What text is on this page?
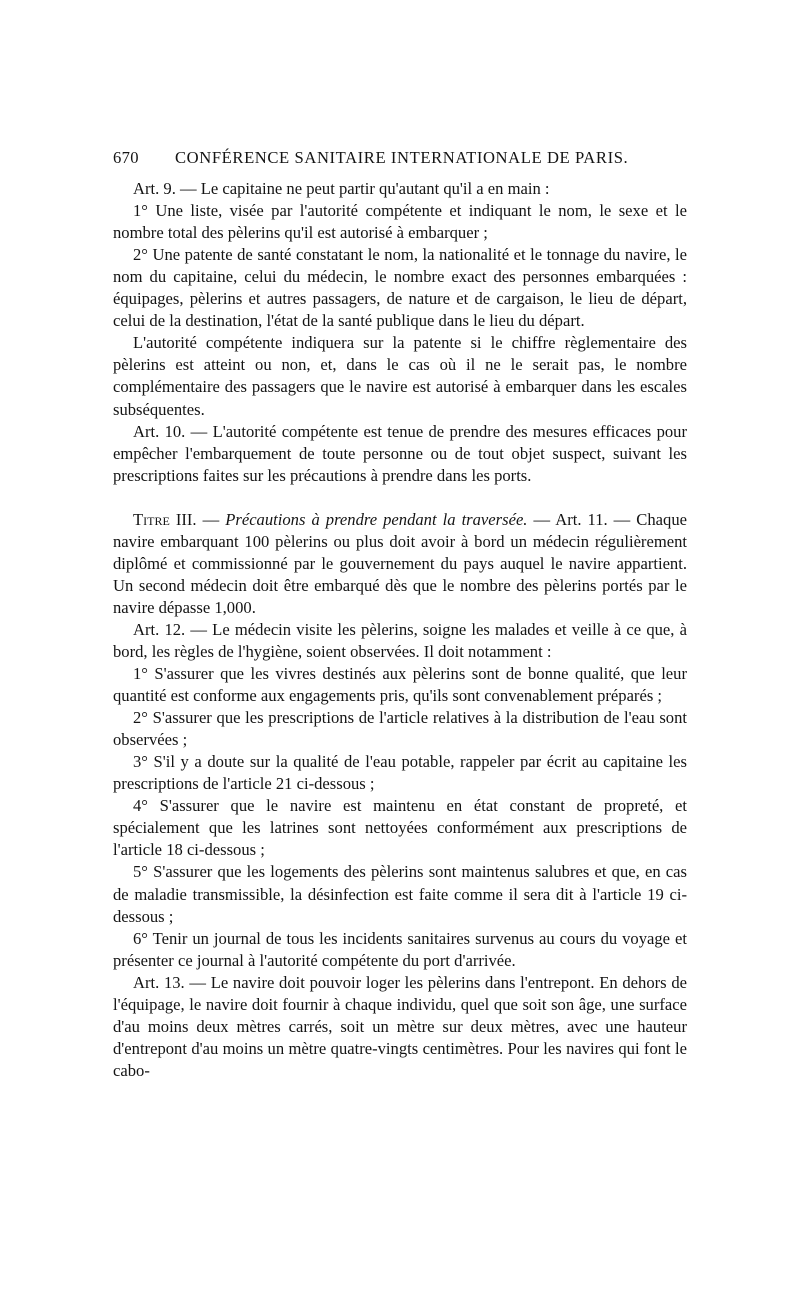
670	CONFÉRENCE SANITAIRE INTERNATIONALE DE PARIS.

Art. 9. — Le capitaine ne peut partir qu'autant qu'il a en main :

1° Une liste, visée par l'autorité compétente et indiquant le nom, le sexe et le nombre total des pèlerins qu'il est autorisé à embarquer ;

2° Une patente de santé constatant le nom, la nationalité et le tonnage du navire, le nom du capitaine, celui du médecin, le nombre exact des personnes embarquées : équipages, pèlerins et autres passagers, de nature et de cargaison, le lieu de départ, celui de la destination, l'état de la santé publique dans le lieu du départ.

L'autorité compétente indiquera sur la patente si le chiffre règlementaire des pèlerins est atteint ou non, et, dans le cas où il ne le serait pas, le nombre complémentaire des passagers que le navire est autorisé à embarquer dans les escales subséquentes.

Art. 10. — L'autorité compétente est tenue de prendre des mesures efficaces pour empêcher l'embarquement de toute personne ou de tout objet suspect, suivant les prescriptions faites sur les précautions à prendre dans les ports.

Titre III. — Précautions à prendre pendant la traversée. — Art. 11. — Chaque navire embarquant 100 pèlerins ou plus doit avoir à bord un médecin régulièrement diplômé et commissionné par le gouvernement du pays auquel le navire appartient. Un second médecin doit être embarqué dès que le nombre des pèlerins portés par le navire dépasse 1,000.

Art. 12. — Le médecin visite les pèlerins, soigne les malades et veille à ce que, à bord, les règles de l'hygiène, soient observées. Il doit notamment :

1° S'assurer que les vivres destinés aux pèlerins sont de bonne qualité, que leur quantité est conforme aux engagements pris, qu'ils sont convenablement préparés ;

2° S'assurer que les prescriptions de l'article relatives à la distribution de l'eau sont observées ;

3° S'il y a doute sur la qualité de l'eau potable, rappeler par écrit au capitaine les prescriptions de l'article 21 ci-dessous ;

4° S'assurer que le navire est maintenu en état constant de propreté, et spécialement que les latrines sont nettoyées conformément aux prescriptions de l'article 18 ci-dessous ;

5° S'assurer que les logements des pèlerins sont maintenus salubres et que, en cas de maladie transmissible, la désinfection est faite comme il sera dit à l'article 19 ci-dessous ;

6° Tenir un journal de tous les incidents sanitaires survenus au cours du voyage et présenter ce journal à l'autorité compétente du port d'arrivée.

Art. 13. — Le navire doit pouvoir loger les pèlerins dans l'entrepont. En dehors de l'équipage, le navire doit fournir à chaque individu, quel que soit son âge, une surface d'au moins deux mètres carrés, soit un mètre sur deux mètres, avec une hauteur d'entrepont d'au moins un mètre quatre-vingts centimètres. Pour les navires qui font le cabo-
